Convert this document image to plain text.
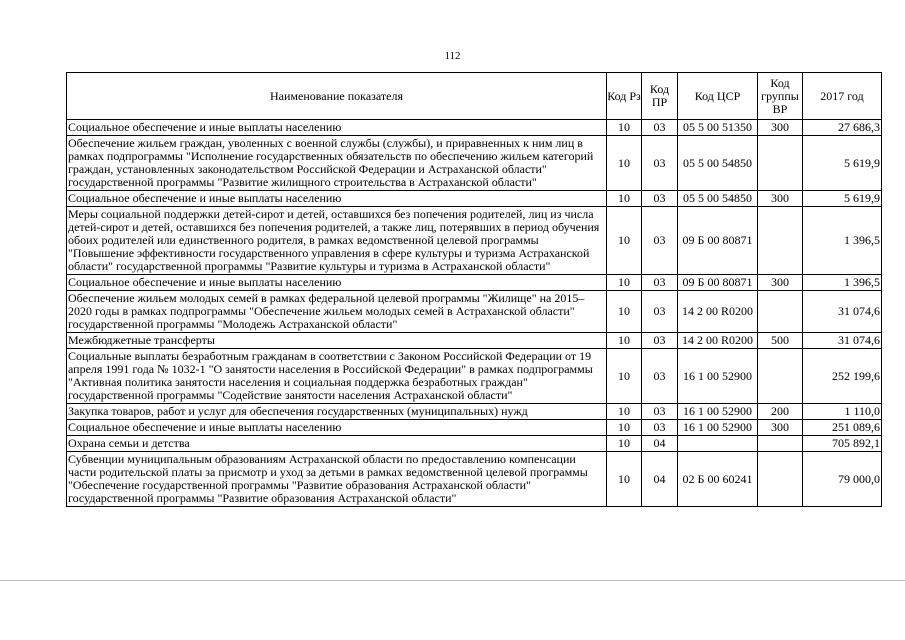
112
Наименование показателя	Код Рз	Код ПР	Код ЦСР	Код группы ВР	2017 год
Социальное обеспечение и иные выплаты населению	10	03	05 5 00 51350	300	27 686,3
Обеспечение жильем граждан, уволенных с военной службы (службы), и приравненных к ним лиц в рамках подпрограммы "Исполнение государственных обязательств по обеспечению жильем категорий граждан, установленных законодательством Российской Федерации и Астраханской области" государственной программы "Развитие жилищного строительства в Астраханской области"	10	03	05 5 00 54850		5 619,9
Социальное обеспечение и иные выплаты населению	10	03	05 5 00 54850	300	5 619,9
Меры социальной поддержки детей-сирот и детей, оставшихся без попечения родителей, лиц из числа детей-сирот и детей, оставшихся без попечения родителей, а также лиц, потерявших в период обучения обоих родителей или единственного родителя, в рамках ведомственной целевой программы "Повышение эффективности государственного управления в сфере культуры и туризма Астраханской области" государственной программы "Развитие культуры и туризма в Астраханской области"	10	03	09 Б 00 80871		1 396,5
Социальное обеспечение и иные выплаты населению	10	03	09 Б 00 80871	300	1 396,5
Обеспечение жильем молодых семей в рамках федеральной целевой программы "Жилище" на 2015–2020 годы в рамках подпрограммы "Обеспечение жильем молодых семей в Астраханской области" государственной программы "Молодежь Астраханской области"	10	03	14 2 00 R0200		31 074,6
Межбюджетные трансферты	10	03	14 2 00 R0200	500	31 074,6
Социальные выплаты безработным гражданам в соответствии с Законом Российской Федерации от 19 апреля 1991 года № 1032-1 "О занятости населения в Российской Федерации" в рамках подпрограммы "Активная политика занятости населения и социальная поддержка безработных граждан" государственной программы "Содействие занятости населения Астраханской области"	10	03	16 1 00 52900		252 199,6
Закупка товаров, работ и услуг для обеспечения государственных (муниципальных) нужд	10	03	16 1 00 52900	200	1 110,0
Социальное обеспечение и иные выплаты населению	10	03	16 1 00 52900	300	251 089,6
Охрана семьи и детства	10	04			705 892,1
Субвенции муниципальным образованиям Астраханской области по предоставлению компенсации части родительской платы за присмотр и уход за детьми в рамках ведомственной целевой программы "Обеспечение государственной программы "Развитие образования Астраханской области" государственной программы "Развитие образования Астраханской области"	10	04	02 Б 00 60241		79 000,0
